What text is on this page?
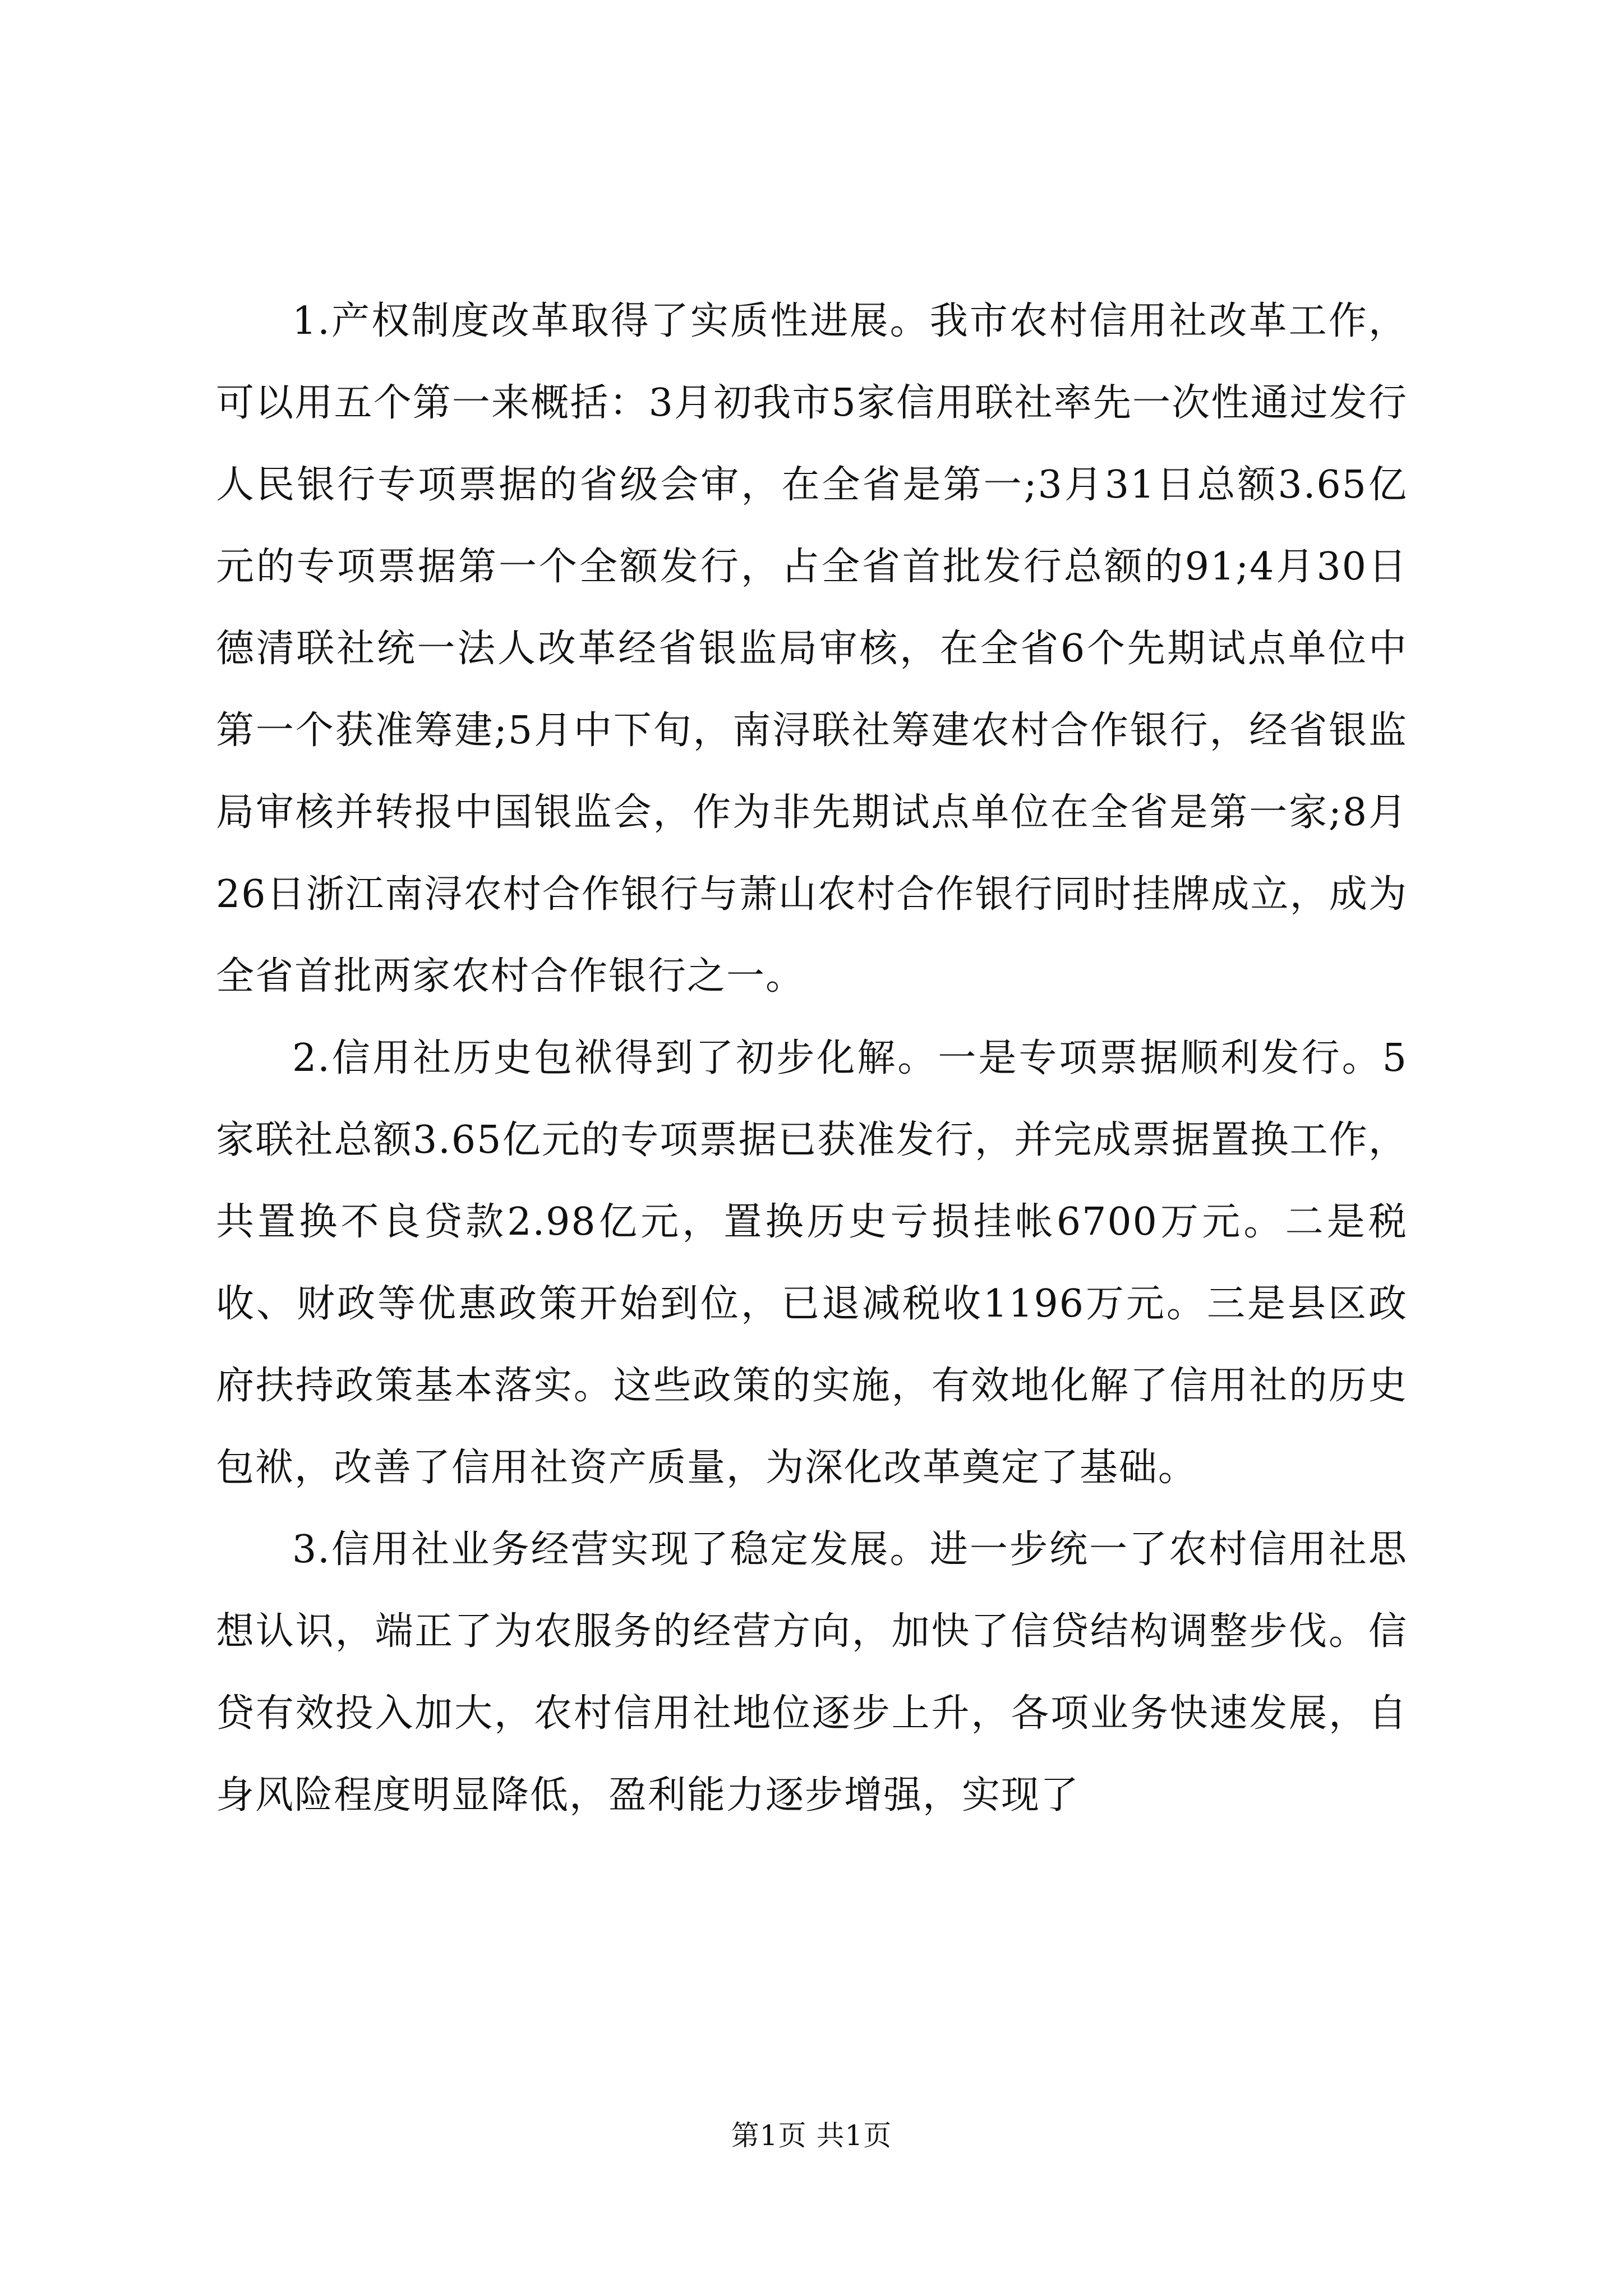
1.产权制度改革取得了实质性进展。我市农村信用社改革工作，可以用五个第一来概括：3月初我市5家信用联社率先一次性通过发行人民银行专项票据的省级会审，在全省是第一;3月31日总额3.65亿元的专项票据第一个全额发行，占全省首批发行总额的91;4月30日德清联社统一法人改革经省银监局审核，在全省6个先期试点单位中第一个获准筹建;5月中下旬，南浔联社筹建农村合作银行，经省银监局审核并转报中国银监会，作为非先期试点单位在全省是第一家;8月26日浙江南浔农村合作银行与萧山农村合作银行同时挂牌成立，成为全省首批两家农村合作银行之一。

2.信用社历史包袱得到了初步化解。一是专项票据顺利发行。5家联社总额3.65亿元的专项票据已获准发行，并完成票据置换工作，共置换不良贷款2.98亿元，置换历史亏损挂帐6700万元。二是税收、财政等优惠政策开始到位，已退减税收1196万元。三是县区政府扶持政策基本落实。这些政策的实施，有效地化解了信用社的历史包袱，改善了信用社资产质量，为深化改革奠定了基础。

3.信用社业务经营实现了稳定发展。进一步统一了农村信用社思想认识，端正了为农服务的经营方向，加快了信贷结构调整步伐。信贷有效投入加大，农村信用社地位逐步上升，各项业务快速发展，自身风险程度明显降低，盈利能力逐步增强，实现了

第1页 共1页
